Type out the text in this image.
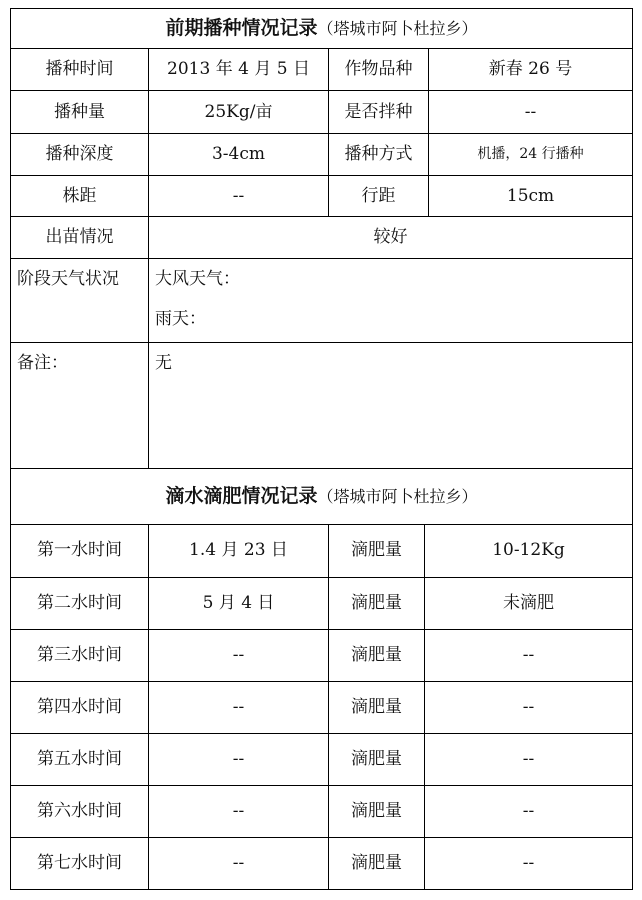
前期播种情况记录（塔城市阿卜杜拉乡）			
播种时间	2013 年 4 月 5 日	作物品种	新春 26 号
播种量	25Kg/亩	是否拌种	--
播种深度	3-4cm	播种方式	机播，24 行播种
株距	--	行距	15cm
出苗情况	较好		
阶段天气状况	大风天气：
雨天：		

备注：	无		
滴水滴肥情况记录（塔城市阿卜杜拉乡）			
第一水时间	1.4 月 23 日	滴肥量	10-12Kg
第二水时间	5 月 4 日	滴肥量	未滴肥
第三水时间	--	滴肥量	--
第四水时间	--	滴肥量	--
第五水时间	--	滴肥量	--
第六水时间	--	滴肥量	--
第七水时间	--	滴肥量	--
